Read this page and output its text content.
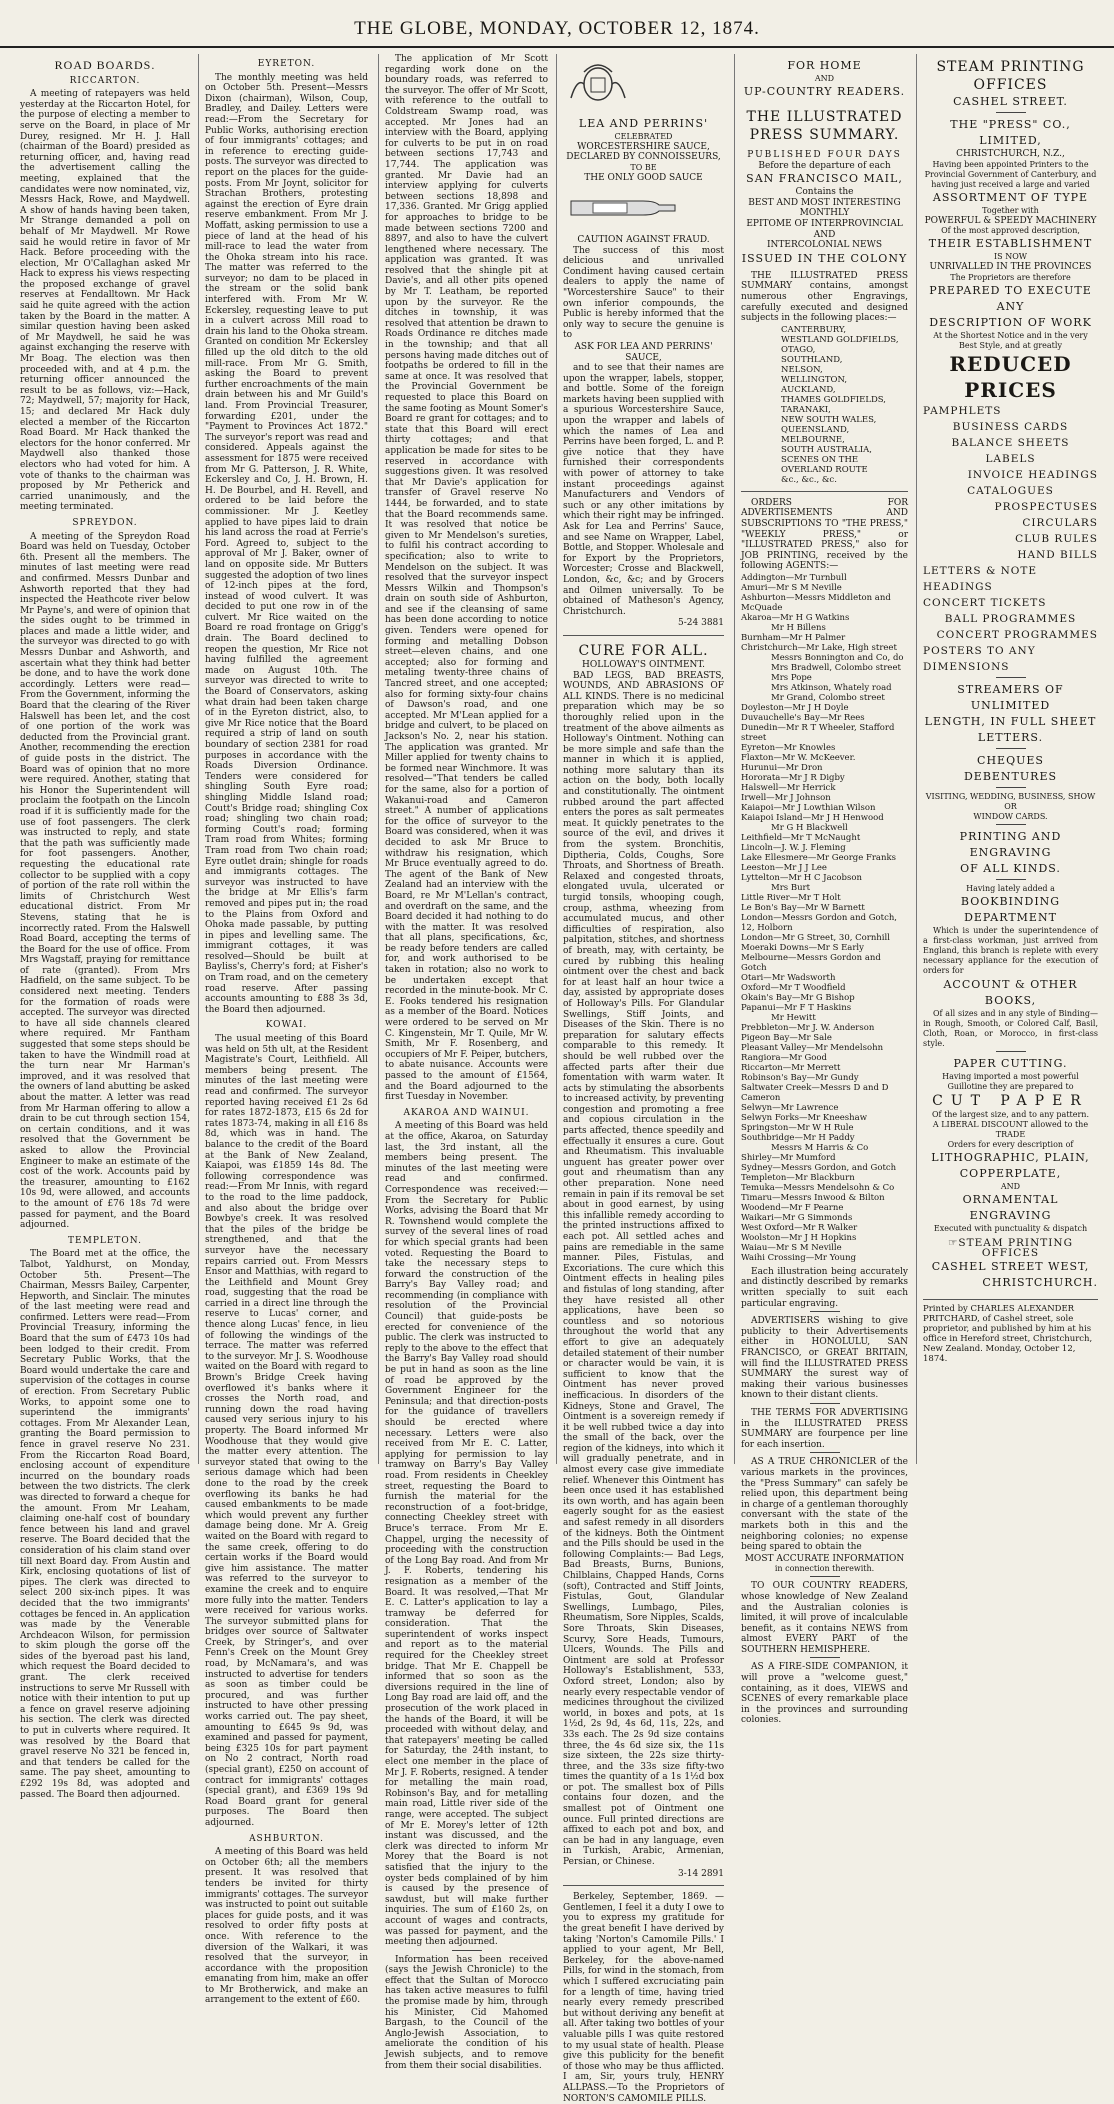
THE GLOBE, MONDAY, OCTOBER 12, 1874.
ROAD BOARDS.
RICCARTON.

A meeting of ratepayers was held yesterday at the Riccarton Hotel, for the purpose of electing a member to serve on the Board, in place of Mr Durey, resigned. Mr H. J. Hall (chairman of the Board) presided as returning officer, and, having read the advertisement calling the meeting, explained that the candidates were now nominated, viz, Messrs Hack, Rowe, and Maydwell. A show of hands having been taken, Mr Strange demanded a poll on behalf of Mr Maydwell. Mr Rowe said he would retire in favor of Mr Hack. Before proceeding with the election, Mr O'Callaghan asked Mr Hack to express his views respecting the proposed exchange of gravel reserves at Fendalltown. Mr Hack said he quite agreed with the action taken by the Board in the matter. A similar question having been asked of Mr Maydwell, he said he was against exchanging the reserve with Mr Boag. The election was then proceeded with, and at 4 p.m. the returning officer announced the result to be as follows, viz:—Hack, 72; Maydwell, 57; majority for Hack, 15; and declared Mr Hack duly elected a member of the Riccarton Road Board. Mr Hack thanked the electors for the honor conferred. Mr Maydwell also thanked those electors who had voted for him. A vote of thanks to the chairman was proposed by Mr Petherick and carried unanimously, and the meeting terminated.

SPREYDON.

A meeting of the Spreydon Road Board was held on Tuesday, October 6th. Present all the members. The minutes of last meeting were read and confirmed. Messrs Dunbar and Ashworth reported that they had inspected the Heathcote river below Mr Payne's, and were of opinion that the sides ought to be trimmed in places and made a little wider, and the surveyor was directed to go with Messrs Dunbar and Ashworth, and ascertain what they think had better be done, and to have the work done accordingly. Letters were read—From the Government, informing the Board that the clearing of the River Halswell has been let, and the cost of one portion of the work was deducted from the Provincial grant. Another, recommending the erection of guide posts in the district. The Board was of opinion that no more were required. Another, stating that his Honor the Superintendent will proclaim the footpath on the Lincoln road if it is sufficiently made for the use of foot passengers. The clerk was instructed to reply, and state that the path was sufficiently made for foot passengers. Another, requesting the educational rate collector to be supplied with a copy of portion of the rate roll within the limits of Christchurch West educational district. From Mr Stevens, stating that he is incorrectly rated. From the Halswell Road Board, accepting the terms of the Board for the use of office. From Mrs Wagstaff, praying for remittance of rate (granted). From Mrs Hadfield, on the same subject. To be considered next meeting. Tenders for the formation of roads were accepted. The surveyor was directed to have all side channels cleared where required. Mr Fantham suggested that some steps should be taken to have the Windmill road at the turn near Mr Harman's improved, and it was resolved that the owners of land abutting be asked about the matter. A letter was read from Mr Harman offering to allow a drain to be cut through section 154, on certain conditions, and it was resolved that the Government be asked to allow the Provincial Engineer to make an estimate of the cost of the work. Accounts paid by the treasurer, amounting to £162 10s 9d, were allowed, and accounts to the amount of £76 18s 7d were passed for payment, and the Board adjourned.

TEMPLETON.

The Board met at the office, the Talbot, Yaldhurst, on Monday, October 5th. Present—The Chairman, Messrs Bailey, Carpenter, Hepworth, and Sinclair. The minutes of the last meeting were read and confirmed. Letters were read—From Provincial Treasury, informing the Board that the sum of £473 10s had been lodged to their credit. From Secretary Public Works, that the Board would undertake the care and supervision of the cottages in course of erection. From Secretary Public Works, to appoint some one to superintend the immigrants' cottages. From Mr Alexander Lean, granting the Board permission to fence in gravel reserve No 231. From the Riccarton Road Board, enclosing account of expenditure incurred on the boundary roads between the two districts. The clerk was directed to forward a cheque for the amount. From Mr Leaham, claiming one-half cost of boundary fence between his land and gravel reserve. The Board decided that the consideration of his claim stand over till next Board day. From Austin and Kirk, enclosing quotations of list of pipes. The clerk was directed to select 200 six-inch pipes. It was decided that the two immigrants' cottages be fenced in. An application was made by the Venerable Archdeacon Wilson, for permission to skim plough the gorse off the sides of the byeroad past his land, which request the Board decided to grant. The clerk received instructions to serve Mr Russell with notice with their intention to put up a fence on gravel reserve adjoining his section. The clerk was directed to put in culverts where required. It was resolved by the Board that gravel reserve No 321 be fenced in, and that tenders be called for the same. The pay sheet, amounting to £292 19s 8d, was adopted and passed. The Board then adjourned.

EYRETON.

The monthly meeting was held on October 5th. Present—Messrs Dixon (chairman), Wilson, Coup, Bradley, and Dailey. Letters were read:—From the Secretary for Public Works, authorising erection of four immigrants' cottages; and in reference to erecting guide-posts. The surveyor was directed to report on the places for the guide-posts. From Mr Joynt, solicitor for Strachan Brothers, protesting against the erection of Eyre drain reserve embankment. From Mr J. Moffatt, asking permission to use a piece of land at the head of his mill-race to lead the water from the Ohoka stream into his race. The matter was referred to the surveyor; no dam to be placed in the stream or the solid bank interfered with. From Mr W. Eckersley, requesting leave to put in a culvert across Mill road to drain his land to the Ohoka stream. Granted on condition Mr Eckersley filled up the old ditch to the old mill-race. From Mr G. Smith, asking the Board to prevent further encroachments of the main drain between his and Mr Guild's land. From Provincial Treasurer, forwarding £201, under the "Payment to Provinces Act 1872." The surveyor's report was read and considered. Appeals against the assessment for 1875 were received from Mr G. Patterson, J. R. White, Eckersley and Co, J. H. Brown, H. H. De Bourbel, and H. Revell, and ordered to be laid before the commissioner. Mr J. Keetley applied to have pipes laid to drain his land across the road at Ferrie's Ford. Agreed to, subject to the approval of Mr J. Baker, owner of land on opposite side. Mr Butters suggested the adoption of two lines of 12-inch pipes at the ford, instead of wood culvert. It was decided to put one row in of the culvert. Mr Rice waited on the Board re road frontage on Grigg's drain. The Board declined to reopen the question, Mr Rice not having fulfilled the agreement made on August 10th. The surveyor was directed to write to the Board of Conservators, asking what drain had been taken charge of in the Eyreton district, also, to give Mr Rice notice that the Board required a strip of land on south boundary of section 2381 for road purposes in accordance with the Roads Diversion Ordinance. Tenders were considered for shingling South Eyre road; shingling Middle Island road; Coutt's Bridge road; shingling Cox road; shingling two chain road; forming Coutt's road; forming Tram road from Whites; forming Tram road from Two chain road; Eyre outlet drain; shingle for roads and immigrants cottages. The surveyor was instructed to have the bridge at Mr Ellis's farm removed and pipes put in; the road to the Plains from Oxford and Ohoka made passable, by putting in pipes and levelling same. The immigrant cottages, it was resolved—Should be built at Bayliss's, Cherry's ford; at Fisher's on Tram road, and on the cemetery road reserve. After passing accounts amounting to £88 3s 3d, the Board then adjourned.

KOWAI.

The usual meeting of this Board was held on 5th ult, at the Resident Magistrate's Court, Leithfield. All members being present. The minutes of the last meeting were read and confirmed. The surveyor reported having received £1 2s 6d for rates 1872-1873, £15 6s 2d for rates 1873-74, making in all £16 8s 8d, which was in hand. The balance to the credit of the Board at the Bank of New Zealand, Kaiapoi, was £1859 14s 8d. The following correspondence was read:—From Mr Innis, with regard to the road to the lime paddock, and also about the bridge over Bowbye's creek. It was resolved that the piles of the bridge be strengthened, and that the surveyor have the necessary repairs carried out. From Messrs Ensor and Matthias, with regard to the Leithfield and Mount Grey road, suggesting that the road be carried in a direct line through the reserve to Lucas' corner, and thence along Lucas' fence, in lieu of following the windings of the terrace. The matter was referred to the surveyor. Mr J. S. Woodhouse waited on the Board with regard to Brown's Bridge Creek having overflowed it's banks where it crosses the North road, and running down the road having caused very serious injury to his property. The Board informed Mr Woodhouse that they would give the matter every attention. The surveyor stated that owing to the serious damage which had been done to the road by the creek overflowing its banks he had caused embankments to be made which would prevent any further damage being done. Mr A. Greig waited on the Board with regard to the same creek, offering to do certain works if the Board would give him assistance. The matter was referred to the surveyor to examine the creek and to enquire more fully into the matter. Tenders were received for various works. The surveyor submitted plans for bridges over source of Saltwater Creek, by Stringer's, and over Fenn's Creek on the Mount Grey road, by McNamara's, and was instructed to advertise for tenders as soon as timber could be procured, and was further instructed to have other pressing works carried out. The pay sheet, amounting to £645 9s 9d, was examined and passed for payment, being £325 10s for part payment on No 2 contract, North road (special grant), £250 on account of contract for immigrants' cottages (special grant), and £369 19s 9d Road Board grant for general purposes. The Board then adjourned.

ASHBURTON.

A meeting of this Board was held on October 6th; all the members present. It was resolved that tenders be invited for thirty immigrants' cottages. The surveyor was instructed to point out suitable places for guide posts, and it was resolved to order fifty posts at once. With reference to the diversion of the Walkari, it was resolved that the surveyor, in accordance with the proposition emanating from him, make an offer to Mr Brotherwick, and make an arrangement to the extent of £60.

The application of Mr Scott regarding work done on the boundary roads, was referred to the surveyor. The offer of Mr Scott, with reference to the outfall to Coldstream Swamp road, was accepted. Mr Jones had an interview with the Board, applying for culverts to be put in on road between sections 17,743 and 17,744. The application was granted. Mr Davie had an interview applying for culverts between sections 18,898 and 17,336. Granted. Mr Grigg applied for approaches to bridge to be made between sections 7200 and 8897, and also to have the culvert lengthened where necessary. The application was granted. It was resolved that the shingle pit at Davie's, and all other pits opened by Mr T. Leatham, be reported upon by the surveyor. Re the ditches in township, it was resolved that attention be drawn to Roads Ordinance re ditches made in the township; and that all persons having made ditches out of footpaths be ordered to fill in the same at once. It was resolved that the Provincial Government be requested to place this Board on the same footing as Mount Somer's Board re grant for cottages; and to state that this Board will erect thirty cottages; and that application be made for sites to be reserved in accordance with suggestions given. It was resolved that Mr Davie's application for transfer of Gravel reserve No 1444, be forwarded, and to state that the Board recommends same. It was resolved that notice be given to Mr Mendelson's sureties, to fulfil his contract according to specification; also to write to Mendelson on the subject. It was resolved that the surveyor inspect Messrs Wilkin and Thompson's drain on south side of Ashburton, and see if the cleansing of same has been done according to notice given. Tenders were opened for forming and metalling Dobson street—eleven chains, and one accepted; also for forming and metaling twenty-three chains of Tancred street, and one accepted; also for forming sixty-four chains of Dawson's road, and one accepted. Mr M'Lean applied for a bridge and culvert, to be placed on Jackson's No. 2, near his station. The application was granted. Mr Miller applied for twenty chains to be formed near Winchmore. It was resolved—"That tenders be called for the same, also for a portion of Wakanui-road and Cameron street." A number of applications for the office of surveyor to the Board was considered, when it was decided to ask Mr Bruce to withdraw his resignation, which Mr Bruce eventually agreed to do. The agent of the Bank of New Zealand had an interview with the Board, re Mr M'Lellan's contract, and overdraft on the same, and the Board decided it had nothing to do with the matter. It was resolved that all plans, specifications, &c, be ready before tenders are called for, and work authorised to be taken in rotation; also no work to be undertaken except that recorded in the minute-book. Mr C. E. Fooks tendered his resignation as a member of the Board. Notices were ordered to be served on Mr C. Kingenstein, Mr T. Quile, Mr W. Smith, Mr F. Rosenberg, and occupiers of Mr F. Peiper, butchers, to abate nuisance. Accounts were passed to the amount of £1564, and the Board adjourned to the first Tuesday in November.

AKAROA AND WAINUI.

A meeting of this Board was held at the office, Akaroa, on Saturday last, the 3rd instant, all the members being present. The minutes of the last meeting were read and confirmed. Correspondence was received:—From the Secretary for Public Works, advising the Board that Mr R. Townshend would complete the survey of the several lines of road for which special grants had been voted. Requesting the Board to take the necessary steps to forward the construction of the Barry's Bay Valley road; and recommending (in compliance with resolution of the Provincial Council) that guide-posts be erected for convenience of the public. The clerk was instructed to reply to the above to the effect that the Barry's Bay Valley road should be put in hand as soon as the line of road be approved by the Government Engineer for the Peninsula; and that direction-posts for the guidance of travellers should be erected where necessary. Letters were also received from Mr E. C. Latter, applying for permission to lay tramway on Barry's Bay Valley road. From residents in Cheekley street, requesting the Board to furnish the material for the reconstruction of a foot-bridge, connecting Cheekley street with Bruce's terrace. From Mr E. Chappel, urging the necessity of proceeding with the construction of the Long Bay road. And from Mr J. F. Roberts, tendering his resignation as a member of the Board. It was resolved,—That Mr E. C. Latter's application to lay a tramway be deferred for consideration. That the superintendent of works inspect and report as to the material required for the Cheekley street bridge. That Mr E. Chappell be informed that so soon as the diversions required in the line of Long Bay road are laid off, and the prosecution of the work placed in the hands of the Board, it will be proceeded with without delay, and that ratepayers' meeting be called for Saturday, the 24th instant, to elect one member in the place of Mr J. F. Roberts, resigned. A tender for metalling the main road, Robinson's Bay, and for metalling main road, Little river side of the range, were accepted. The subject of Mr E. Morey's letter of 12th instant was discussed, and the clerk was directed to inform Mr Morey that the Board is not satisfied that the injury to the oyster beds complained of by him is caused by the presence of sawdust, but will make further inquiries. The sum of £160 2s, on account of wages and contracts, was passed for payment, and the meeting then adjourned.

Information has been received (says the Jewish Chronicle) to the effect that the Sultan of Morocco has taken active measures to fulfil the promise made by him, through his Minister, Cid Mahomed Bargash, to the Council of the Anglo-Jewish Association, to ameliorate the condition of his Jewish subjects, and to remove from them their social disabilities.

LEA AND PERRINS'
CELEBRATED
WORCESTERSHIRE SAUCE,
DECLARED BY CONNOISSEURS,
TO BE
THE ONLY GOOD SAUCE
CAUTION AGAINST FRAUD.

The success of this most delicious and unrivalled Condiment having caused certain dealers to apply the name of "Worcestershire Sauce" to their own inferior compounds, the Public is hereby informed that the only way to secure the genuine is to

ASK FOR LEA AND PERRINS' SAUCE,

and to see that their names are upon the wrapper, labels, stopper, and bottle. Some of the foreign markets having been supplied with a spurious Worcestershire Sauce, upon the wrapper and labels of which the names of Lea and Perrins have been forged, L. and P. give notice that they have furnished their correspondents with power of attorney to take instant proceedings against Manufacturers and Vendors of such or any other imitations by which their right may be infringed. Ask for Lea and Perrins' Sauce, and see Name on Wrapper, Label, Bottle, and Stopper. Wholesale and for Export by the Proprietors, Worcester; Crosse and Blackwell, London, &c, &c; and by Grocers and Oilmen universally. To be obtained of Matheson's Agency, Christchurch.

5-24 3881
CURE FOR ALL.
HOLLOWAY'S OINTMENT.

BAD LEGS, BAD BREASTS, WOUNDS, AND ABRASIONS OF ALL KINDS. There is no medicinal preparation which may be so thoroughly relied upon in the treatment of the above ailments as Holloway's Ointment. Nothing can be more simple and safe than the manner in which it is applied, nothing more salutary than its action on the body, both locally and constitutionally. The ointment rubbed around the part affected enters the pores as salt permeates meat. It quickly penetrates to the source of the evil, and drives it from the system. Bronchitis, Diptheria, Colds, Coughs, Sore Throats, and Shortness of Breath. Relaxed and congested throats, elongated uvula, ulcerated or turgid tonsils, whooping cough, croup, asthma, wheezing from accumulated mucus, and other difficulties of respiration, also palpitation, stitches, and shortness of breath, may, with certainty, be cured by rubbing this healing ointment over the chest and back for at least half an hour twice a day, assisted by appropriate doses of Holloway's Pills. For Glandular Swellings, Stiff Joints, and Diseases of the Skin. There is no preparation for salutary effects comparable to this remedy. It should be well rubbed over the affected parts after their due fomentation with warm water. It acts by stimulating the absorbents to increased activity, by preventing congestion and promoting a free and copious circulation in the parts affected, thence speedily and effectually it ensures a cure. Gout and Rheumatism. This invaluable unguent has greater power over gout and rheumatism than any other preparation. None need remain in pain if its removal be set about in good earnest, by using this infallible remedy according to the printed instructions affixed to each pot. All settled aches and pains are remediable in the same manner. Piles, Fistulas, and Excoriations. The cure which this Ointment effects in healing piles and fistulas of long standing, after they have resisted all other applications, have been so countless and so notorious throughout the world that any effort to give an adequately detailed statement of their number or character would be vain, it is sufficient to know that the Ointment has never proved inefficacious. In disorders of the Kidneys, Stone and Gravel, The Ointment is a sovereign remedy if it be well rubbed twice a day into the small of the back, over the region of the kidneys, into which it will gradually penetrate, and in almost every case give immediate relief. Whenever this Ointment has been once used it has established its own worth, and has again been eagerly sought for as the easiest and safest remedy in all disorders of the kidneys. Both the Ointment and the Pills should be used in the following Complaints:— Bad Legs, Bad Breasts, Burns, Bunions, Chilblains, Chapped Hands, Corns (soft), Contracted and Stiff Joints, Fistulas, Gout, Glandular Swellings, Lumbago, Piles, Rheumatism, Sore Nipples, Scalds, Sore Throats, Skin Diseases, Scurvy, Sore Heads, Tumours, Ulcers, Wounds. The Pills and Ointment are sold at Professor Holloway's Establishment, 533, Oxford street, London; also by nearly every respectable vendor of medicines throughout the civilized world, in boxes and pots, at 1s 1½d, 2s 9d, 4s 6d, 11s, 22s, and 33s each. The 2s 9d size contains three, the 4s 6d size six, the 11s size sixteen, the 22s size thirty-three, and the 33s size fifty-two times the quantity of a 1s 1½d box or pot. The smallest box of Pills contains four dozen, and the smallest pot of Ointment one ounce. Full printed directions are affixed to each pot and box, and can be had in any language, even in Turkish, Arabic, Armenian, Persian, or Chinese.

3-14 2891

Berkeley, September, 1869. — Gentlemen, I feel it a duty I owe to you to express my gratitude for the great benefit I have derived by taking 'Norton's Camomile Pills.' I applied to your agent, Mr Bell, Berkeley, for the above-named Pills, for wind in the stomach, from which I suffered excruciating pain for a length of time, having tried nearly every remedy prescribed but without deriving any benefit at all. After taking two bottles of your valuable pills I was quite restored to my usual state of health. Please give this publicity for the benefit of those who may be thus afflicted. I am, Sir, yours truly, HENRY ALLPASS.—To the Proprietors of NORTON'S CAMOMILE PILLS.

FOR HOME
AND
UP-COUNTRY READERS.
THE ILLUSTRATED
PRESS SUMMARY.
PUBLISHED FOUR DAYS
Before the departure of each
SAN FRANCISCO MAIL,
Contains the
BEST AND MOST INTERESTING
MONTHLY
EPITOME OF INTERPROVINCIAL AND
INTERCOLONIAL NEWS
ISSUED IN THE COLONY

THE ILLUSTRATED PRESS SUMMARY contains, amongst numerous other Engravings, carefully executed and designed subjects in the following places:—

CANTERBURY,
WESTLAND GOLDFIELDS,
OTAGO,
SOUTHLAND,
NELSON,
WELLINGTON,
AUCKLAND,
THAMES GOLDFIELDS,
TARANAKI,
NEW SOUTH WALES,
QUEENSLAND,
MELBOURNE,
SOUTH AUSTRALIA,
SCENES ON THE OVERLAND ROUTE
&c., &c., &c.

ORDERS FOR ADVERTISEMENTS AND SUBSCRIPTIONS TO "THE PRESS," "WEEKLY PRESS," or "ILLUSTRATED PRESS," also for JOB PRINTING, received by the following AGENTS:—

Addington—Mr Turnbull
Amuri—Mr S M Neville
Ashburton—Messrs Middleton and McQuade
Akaroa—Mr H G Watkins
Mr H Billens
Burnham—Mr H Palmer
Christchurch—Mr Lake, High street
Messrs Bonnington and Co, do
Mrs Bradwell, Colombo street
Mrs Pope
Mrs Atkinson, Whately road
Mr Grand, Colombo street
Doyleston—Mr J H Doyle
Duvauchelle's Bay—Mr Rees
Dunedin—Mr R T Wheeler, Stafford street
Eyreton—Mr Knowles
Flaxton—Mr W. McKeever.
Hurunui—Mr Dron
Hororata—Mr J R Digby
Halswell—Mr Herrick
Irwell—Mr J Johnson
Kaiapoi—Mr J Lowthian Wilson
Kaiapoi Island—Mr J H Henwood
Mr G H Blackwell
Leithfield—Mr T McNaught
Lincoln—J. W. J. Fleming
Lake Ellesmere—Mr George Franks
Leeston—Mr J J Lee
Lyttelton—Mr H C Jacobson
Mrs Burt
Little River—Mr T Holt
Le Bon's Bay—Mr W Barnett
London—Messrs Gordon and Gotch, 12, Holborn
London—Mr G Street, 30, Cornhill
Moeraki Downs—Mr S Early
Melbourne—Messrs Gordon and Gotch
Otari—Mr Wadsworth
Oxford—Mr T Woodfield
Okain's Bay—Mr G Bishop
Papanui—Mr F T Haskins
Mr Hewitt
Prebbleton—Mr J. W. Anderson
Pigeon Bay—Mr Sale
Pleasant Valley—Mr Mendelsohn
Rangiora—Mr Good
Riccarton—Mr Merrett
Robinson's Bay—Mr Gundy
Saltwater Creek—Messrs D and D Cameron
Selwyn—Mr Lawrence
Selwyn Forks—Mr Kneeshaw
Springston—Mr W H Rule
Southbridge—Mr H Paddy
Messrs M Harris & Co
Shirley—Mr Mumford
Sydney—Messrs Gordon, and Gotch
Templeton—Mr Blackburn
Temuka—Messrs Mendelsohn & Co
Timaru—Messrs Inwood & Bilton
Woodend—Mr F Pearne
Waikari—Mr G Simmonds
West Oxford—Mr R Walker
Woolston—Mr J H Hopkins
Waiau—Mr S M Neville
Waihi Crossing—Mr Young

Each illustration being accurately and distinctly described by remarks written specially to suit each particular engraving.

ADVERTISERS wishing to give publicity to their Advertisements either in HONOLULU, SAN FRANCISCO, or GREAT BRITAIN, will find the ILLUSTRATED PRESS SUMMARY the surest way of making their various businesses known to their distant clients.

THE TERMS FOR ADVERTISING in the ILLUSTRATED PRESS SUMMARY are fourpence per line for each insertion.

AS A TRUE CHRONICLER of the various markets in the provinces, the "Press Summary" can safely be relied upon, this department being in charge of a gentleman thoroughly conversant with the state of the markets both in this and the neighboring colonies; no expense being spared to obtain the

MOST ACCURATE INFORMATION
in connection therewith.

TO OUR COUNTRY READERS, whose knowledge of New Zealand and the Australian colonies is limited, it will prove of incalculable benefit, as it contains NEWS from almost EVERY PART of the SOUTHERN HEMISPHERE.

AS A FIRE-SIDE COMPANION, it will prove a "welcome guest," containing, as it does, VIEWS and SCENES of every remarkable place in the provinces and surrounding colonies.

STEAM PRINTING OFFICES
CASHEL STREET.
THE "PRESS" CO., LIMITED,
CHRISTCHURCH, N.Z.,
Having been appointed Printers to the Provincial Government of Canterbury, and having just received a large and varied
ASSORTMENT OF TYPE
Together with
POWERFUL & SPEEDY MACHINERY
Of the most approved description,
THEIR ESTABLISHMENT
IS NOW
UNRIVALLED IN THE PROVINCES
The Proprietors are therefore
PREPARED TO EXECUTE ANY
DESCRIPTION OF WORK
At the Shortest Notice and in the very Best Style, and at greatly
REDUCED PRICES
PAMPHLETS
BUSINESS CARDS
BALANCE SHEETS
LABELS
INVOICE HEADINGS
CATALOGUES
PROSPECTUSES
CIRCULARS
CLUB RULES
HAND BILLS
LETTERS & NOTE HEADINGS
CONCERT TICKETS
BALL PROGRAMMES
CONCERT PROGRAMMES
POSTERS TO ANY DIMENSIONS
STREAMERS OF UNLIMITED
LENGTH, IN FULL SHEET
LETTERS.
CHEQUES
DEBENTURES
VISITING, WEDDING, BUSINESS, SHOW
OR
WINDOW CARDS.
PRINTING AND ENGRAVING
OF ALL KINDS.
Having lately added a
BOOKBINDING DEPARTMENT

Which is under the superintendence of a first-class workman, just arrived from England, this branch is replete with every necessary appliance for the execution of orders for

ACCOUNT & OTHER BOOKS,

Of all sizes and in any style of Binding—in Rough, Smooth, or Colored Calf, Basil, Cloth, Roan, or Morocco, in first-class style.

PAPER CUTTING.
Having imported a most powerful Guillotine they are prepared to
CUT PAPER
Of the largest size, and to any pattern.
A LIBERAL DISCOUNT allowed to the TRADE
Orders for every description of
LITHOGRAPHIC, PLAIN,
COPPERPLATE,
AND
ORNAMENTAL ENGRAVING
Executed with punctuality & dispatch
☞STEAM PRINTING OFFICES
CASHEL STREET WEST,
CHRISTCHURCH.
Printed by CHARLES ALEXANDER PRITCHARD, of Cashel street, sole proprietor, and published by him at his office in Hereford street, Christchurch, New Zealand. Monday, October 12, 1874.
